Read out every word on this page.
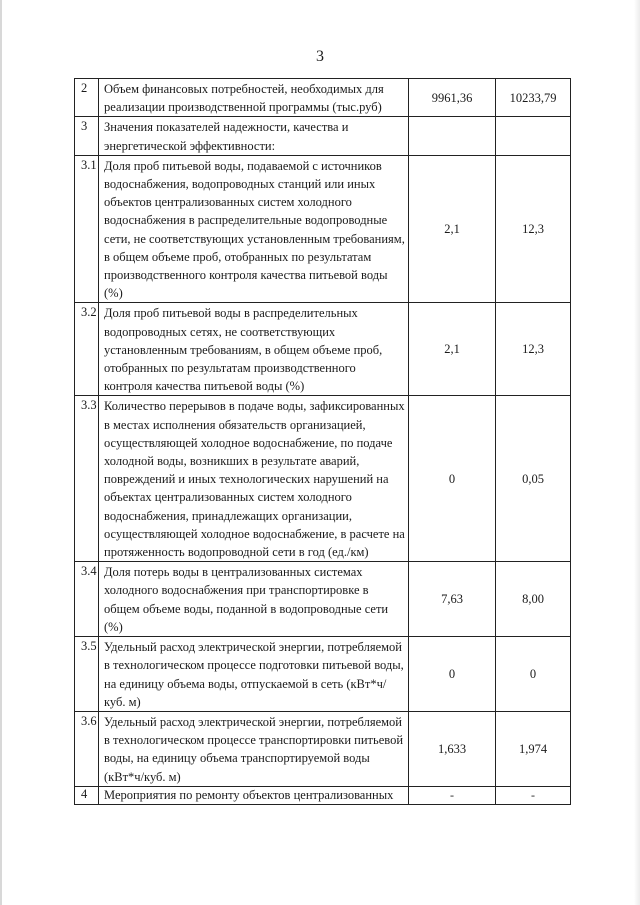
3
2	Объем финансовых потребностей, необходимых для реализации производственной программы (тыс.руб)	9961,36	10233,79
3	Значения показателей надежности, качества и энергетической эффективности:		
3.1	Доля проб питьевой воды, подаваемой с источников водоснабжения, водопроводных станций или иных объектов централизованных систем холодного водоснабжения в распределительные водопроводные сети, не соответствующих установленным требованиям, в общем объеме проб, отобранных по результатам производственного контроля качества питьевой воды (%)	2,1	12,3
3.2	Доля проб питьевой воды в распределительных водопроводных сетях, не соответствующих установленным требованиям, в общем объеме проб, отобранных по результатам производственного контроля качества питьевой воды (%)	2,1	12,3
3.3	Количество перерывов в подаче воды, зафиксированных в местах исполнения обязательств организацией, осуществляющей холодное водоснабжение, по подаче холодной воды, возникших в результате аварий, повреждений и иных технологических нарушений на объектах централизованных систем холодного водоснабжения, принадлежащих организации, осуществляющей холодное водоснабжение, в расчете на протяженность водопроводной сети в год (ед./км)	0	0,05
3.4	Доля потерь воды в централизованных системах холодного водоснабжения при транспортировке в общем объеме воды, поданной в водопроводные сети (%)	7,63	8,00
3.5	Удельный расход электрической энергии, потребляемой в технологическом процессе подготовки питьевой воды, на единицу объема воды, отпускаемой в сеть (кВт*ч/куб. м)	0	0
3.6	Удельный расход электрической энергии, потребляемой в технологическом процессе транспортировки питьевой воды, на единицу объема транспортируемой воды (кВт*ч/куб. м)	1,633	1,974
4	Мероприятия по ремонту объектов централизованных	-	-
